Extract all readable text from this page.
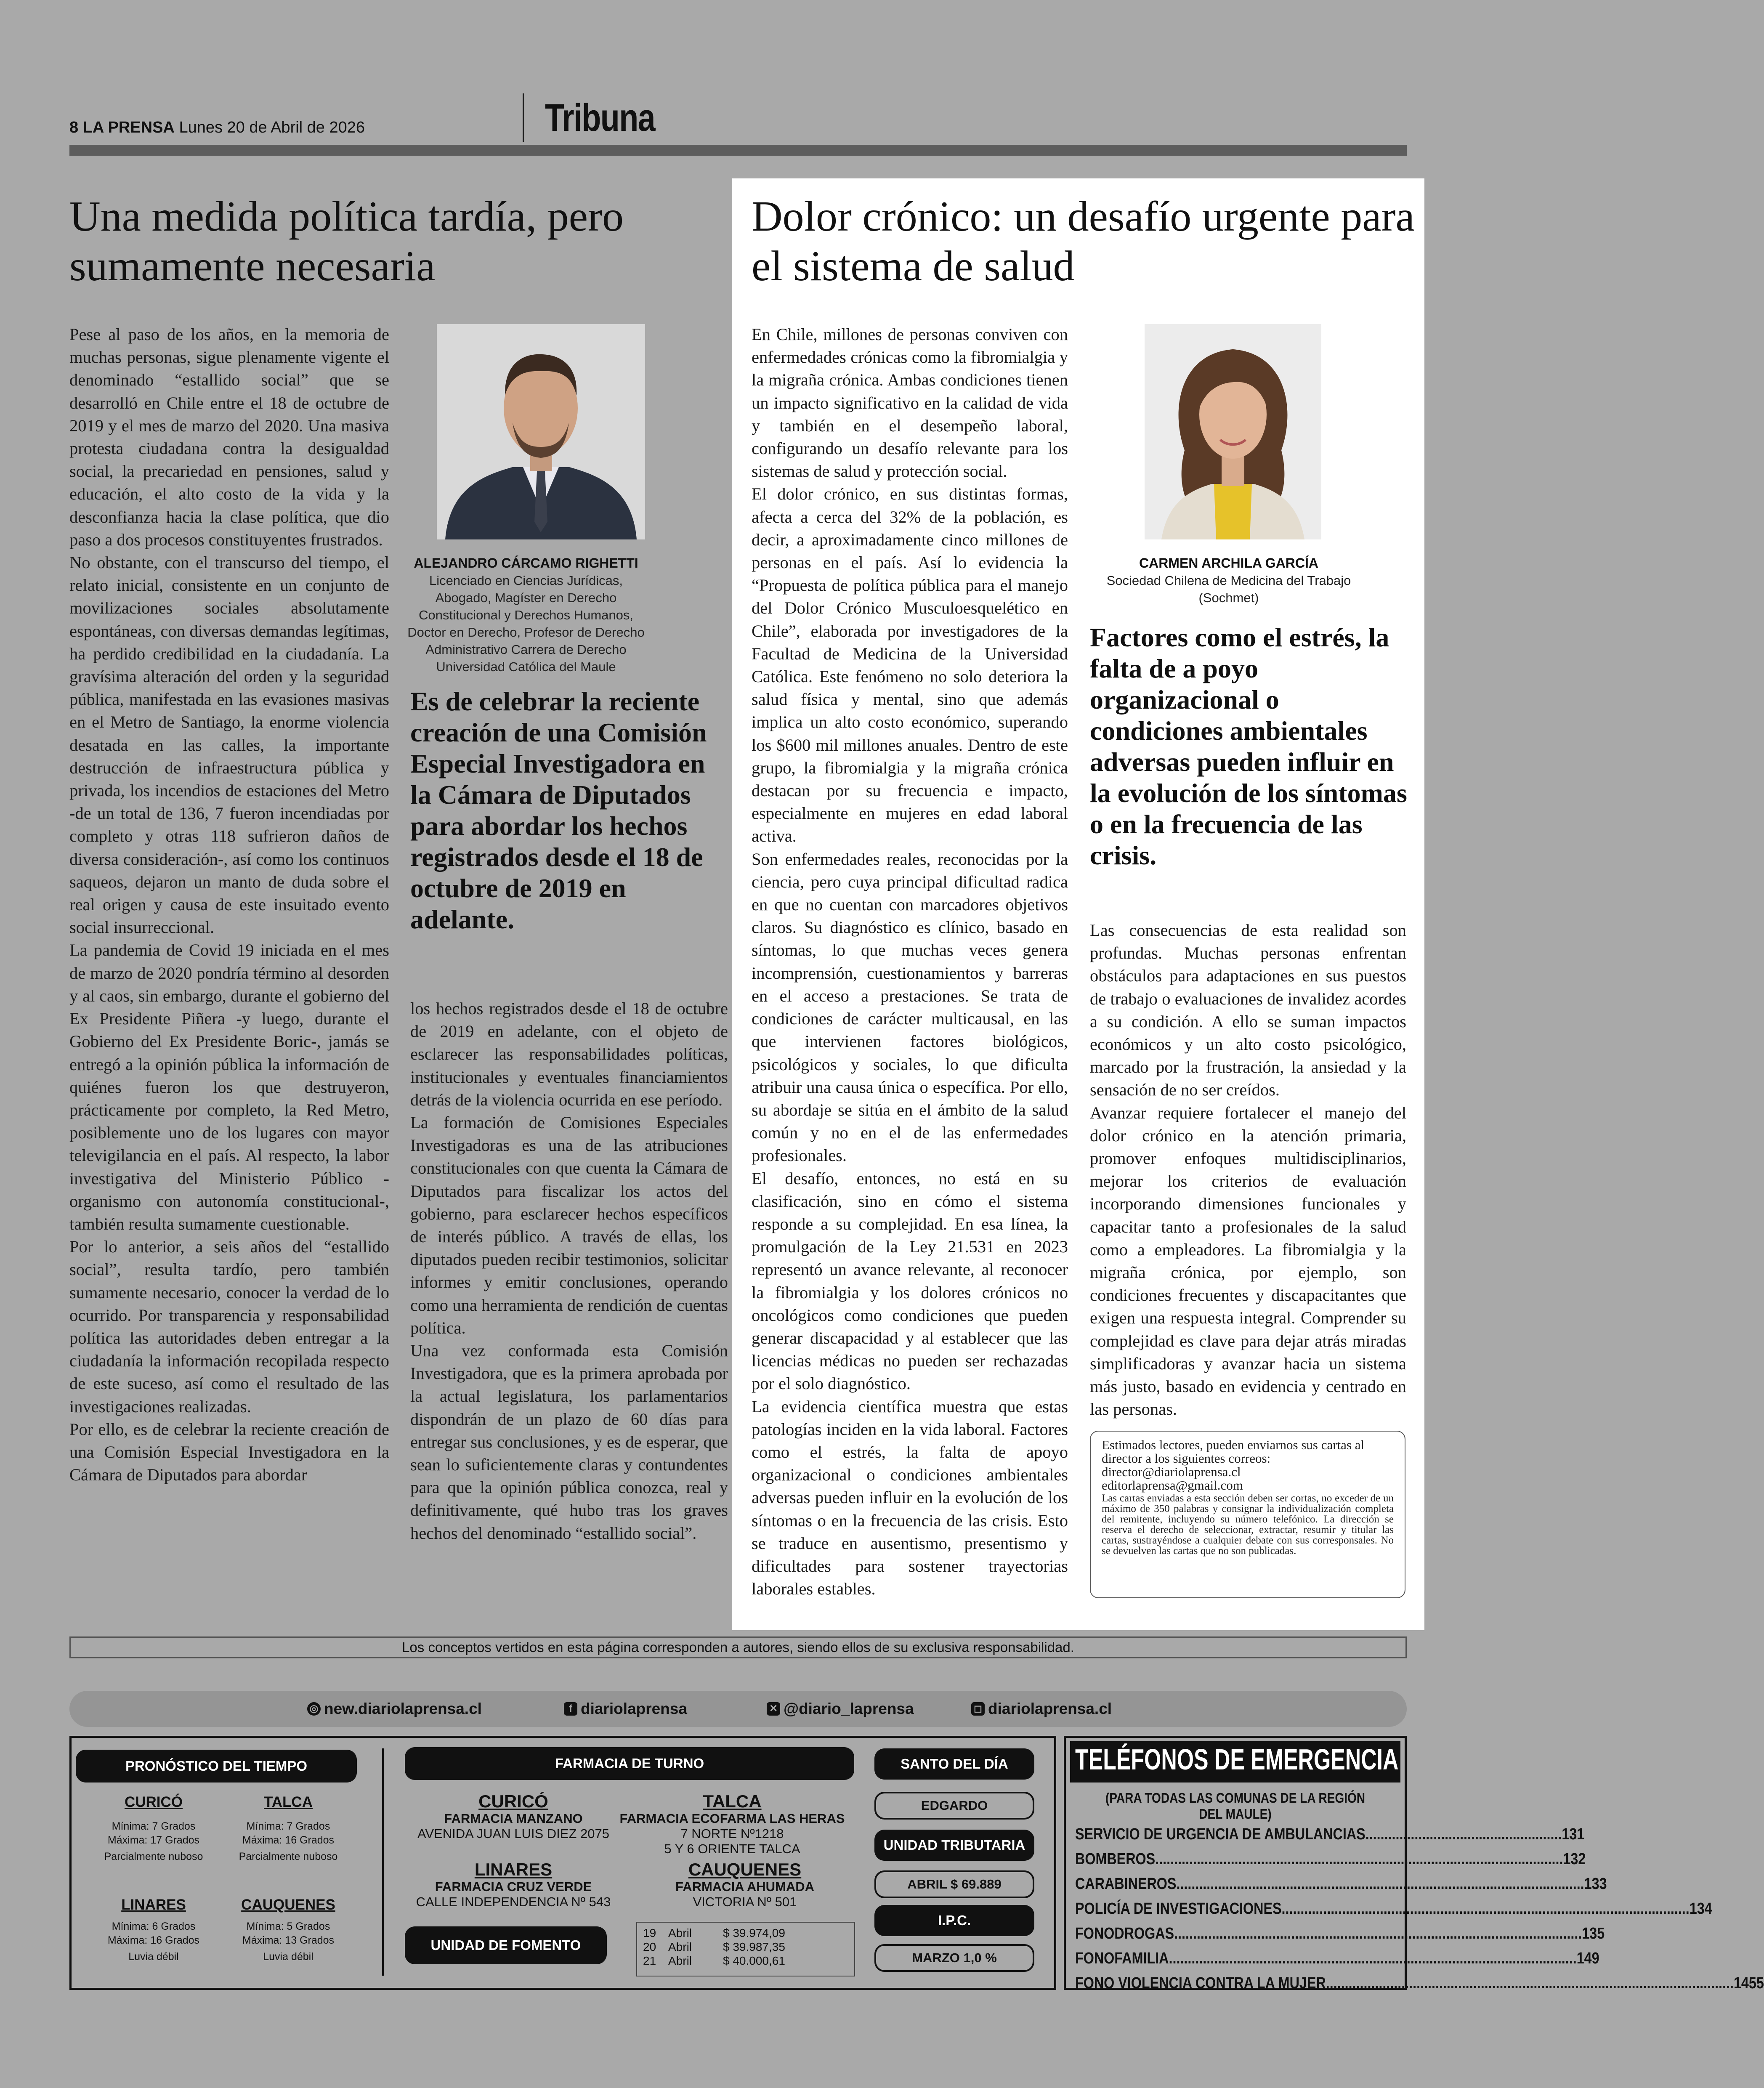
8 LA PRENSA Lunes 20 de Abril de 2026	Tribuna
Una medida política tardía, pero sumamente necesaria

Pese al paso de los años, en la memoria de muchas personas, sigue plenamente vigente el denominado “estallido social” que se desarrolló en Chile entre el 18 de octubre de 2019 y el mes de marzo del 2020. Una masiva protesta ciudadana contra la desigualdad social, la precariedad en pensiones, salud y educación, el alto costo de la vida y la desconfianza hacia la clase política, que dio paso a dos procesos constituyentes frustrados.

No obstante, con el transcurso del tiempo, el relato inicial, consistente en un conjunto de movilizaciones sociales absolutamente espontáneas, con diversas demandas legítimas, ha perdido credibilidad en la ciudadanía. La gravísima alteración del orden y la seguridad pública, manifestada en las evasiones masivas en el Metro de Santiago, la enorme violencia desatada en las calles, la importante destrucción de infraestructura pública y privada, los incendios de estaciones del Metro -de un total de 136, 7 fueron incendiadas por completo y otras 118 sufrieron daños de diversa consideración-, así como los continuos saqueos, dejaron un manto de duda sobre el real origen y causa de este insuitado evento social insurreccional.

La pandemia de Covid 19 iniciada en el mes de marzo de 2020 pondría término al desorden y al caos, sin embargo, durante el gobierno del Ex Presidente Piñera -y luego, durante el Gobierno del Ex Presidente Boric-, jamás se entregó a la opinión pública la información de quiénes fueron los que destruyeron, prácticamente por completo, la Red Metro, posiblemente uno de los lugares con mayor televigilancia en el país. Al respecto, la labor investigativa del Ministerio Público -organismo con autonomía constitucional-, también resulta sumamente cuestionable.

Por lo anterior, a seis años del “estallido social”, resulta tardío, pero también sumamente necesario, conocer la verdad de lo ocurrido. Por transparencia y responsabilidad política las autoridades deben entregar a la ciudadanía la información recopilada respecto de este suceso, así como el resultado de las investigaciones realizadas.

Por ello, es de celebrar la reciente creación de una Comisión Especial Investigadora en la Cámara de Diputados para abordar

ALEJANDRO CÁRCAMO RIGHETTI
Licenciado en Ciencias Jurídicas, Abogado, Magíster en Derecho Constitucional y Derechos Humanos, Doctor en Derecho, Profesor de Derecho Administrativo Carrera de Derecho Universidad Católica del Maule
Es de celebrar la reciente creación de una Comisión Especial Investigadora en la Cámara de Diputados para abordar los hechos registrados desde el 18 de octubre de 2019 en adelante.

los hechos registrados desde el 18 de octubre de 2019 en adelante, con el objeto de esclarecer las responsabilidades políticas, institucionales y eventuales financiamientos detrás de la violencia ocurrida en ese período.

La formación de Comisiones Especiales Investigadoras es una de las atribuciones constitucionales con que cuenta la Cámara de Diputados para fiscalizar los actos del gobierno, para esclarecer hechos específicos de interés público. A través de ellas, los diputados pueden recibir testimonios, solicitar informes y emitir conclusiones, operando como una herramienta de rendición de cuentas política.

Una vez conformada esta Comisión Investigadora, que es la primera aprobada por la actual legislatura, los parlamentarios dispondrán de un plazo de 60 días para entregar sus conclusiones, y es de esperar, que sean lo suficientemente claras y contundentes para que la opinión pública conozca, real y definitivamente, qué hubo tras los graves hechos del denominado “estallido social”.

Dolor crónico: un desafío urgente para el sistema de salud

En Chile, millones de personas conviven con enfermedades crónicas como la fibromialgia y la migraña crónica. Ambas condiciones tienen un impacto significativo en la calidad de vida y también en el desempeño laboral, configurando un desafío relevante para los sistemas de salud y protección social.

El dolor crónico, en sus distintas formas, afecta a cerca del 32% de la población, es decir, a aproximadamente cinco millones de personas en el país. Así lo evidencia la “Propuesta de política pública para el manejo del Dolor Crónico Musculoesquelético en Chile”, elaborada por investigadores de la Facultad de Medicina de la Universidad Católica. Este fenómeno no solo deteriora la salud física y mental, sino que además implica un alto costo económico, superando los $600 mil millones anuales. Dentro de este grupo, la fibromialgia y la migraña crónica destacan por su frecuencia e impacto, especialmente en mujeres en edad laboral activa.

Son enfermedades reales, reconocidas por la ciencia, pero cuya principal dificultad radica en que no cuentan con marcadores objetivos claros. Su diagnóstico es clínico, basado en síntomas, lo que muchas veces genera incomprensión, cuestionamientos y barreras en el acceso a prestaciones. Se trata de condiciones de carácter multicausal, en las que intervienen factores biológicos, psicológicos y sociales, lo que dificulta atribuir una causa única o específica. Por ello, su abordaje se sitúa en el ámbito de la salud común y no en el de las enfermedades profesionales.

El desafío, entonces, no está en su clasificación, sino en cómo el sistema responde a su complejidad. En esa línea, la promulgación de la Ley 21.531 en 2023 representó un avance relevante, al reconocer la fibromialgia y los dolores crónicos no oncológicos como condiciones que pueden generar discapacidad y al establecer que las licencias médicas no pueden ser rechazadas por el solo diagnóstico.

La evidencia científica muestra que estas patologías inciden en la vida laboral. Factores como el estrés, la falta de apoyo organizacional o condiciones ambientales adversas pueden influir en la evolución de los síntomas o en la frecuencia de las crisis. Esto se traduce en ausentismo, presentismo y dificultades para sostener trayectorias laborales estables.

CARMEN ARCHILA GARCÍA
Sociedad Chilena de Medicina del Trabajo (Sochmet)
Factores como el estrés, la falta de a poyo organizacional o condiciones ambientales adversas pueden influir en la evolución de los síntomas o en la frecuencia de las crisis.

Las consecuencias de esta realidad son profundas. Muchas personas enfrentan obstáculos para adaptaciones en sus puestos de trabajo o evaluaciones de invalidez acordes a su condición. A ello se suman impactos económicos y un alto costo psicológico, marcado por la frustración, la ansiedad y la sensación de no ser creídos.

Avanzar requiere fortalecer el manejo del dolor crónico en la atención primaria, promover enfoques multidisciplinarios, mejorar los criterios de evaluación incorporando dimensiones funcionales y capacitar tanto a profesionales de la salud como a empleadores. La fibromialgia y la migraña crónica, por ejemplo, son condiciones frecuentes y discapacitantes que exigen una respuesta integral. Comprender su complejidad es clave para dejar atrás miradas simplificadoras y avanzar hacia un sistema más justo, basado en evidencia y centrado en las personas.

Estimados lectores, pueden enviarnos sus cartas al director a los siguientes correos:
director@diariolaprensa.cl
editorlaprensa@gmail.com
Las cartas enviadas a esta sección deben ser cortas, no exceder de un máximo de 350 palabras y consignar la individualización completa del remitente, incluyendo su número telefónico. La dirección se reserva el derecho de seleccionar, extractar, resumir y titular las cartas, sustrayéndose a cualquier debate con sus corresponsales. No se devuelven las cartas que no son publicadas.
Los conceptos vertidos en esta página corresponden a autores, siendo ellos de su exclusiva responsabilidad.
◎ new.diariolaprensa.cl	f diariolaprensa	✕ @diario_laprensa	◻ diariolaprensa.cl
PRONÓSTICO DEL TIEMPO
CURICÓ
Mínima: 7 Grados
Máxima: 17 Grados
Parcialmente nuboso
TALCA
Mínima: 7 Grados
Máxima: 16 Grados
Parcialmente nuboso
LINARES
Mínima: 6 Grados
Máxima: 16 Grados
Luvia débil
CAUQUENES
Mínima: 5 Grados
Máxima: 13 Grados
Luvia débil
FARMACIA DE TURNO
CURICÓ
FARMACIA MANZANO
AVENIDA JUAN LUIS DIEZ 2075
TALCA
FARMACIA ECOFARMA LAS HERAS
7 NORTE Nº1218
5 Y 6 ORIENTE TALCA
LINARES
FARMACIA CRUZ VERDE
CALLE INDEPENDENCIA Nº 543
CAUQUENES
FARMACIA AHUMADA
VICTORIA Nº 501
UNIDAD DE FOMENTO
19	Abril	$ 39.974,09
20	Abril	$ 39.987,35
21	Abril	$ 40.000,61
SANTO DEL DÍA
EDGARDO
UNIDAD TRIBUTARIA
ABRIL $ 69.889
I.P.C.
MARZO 1,0 %
TELÉFONOS DE EMERGENCIA
(PARA TODAS LAS COMUNAS DE LA REGIÓN DEL MAULE)
SERVICIO DE URGENCIA DE AMBULANCIAS .................................................... 131
BOMBEROS ............................................................................................................ 132
CARABINEROS ............................................................................................................ 133
POLICÍA DE INVESTIGACIONES ............................................................................................................ 134
FONODROGAS ............................................................................................................ 135
FONOFAMILIA ............................................................................................................ 149
FONO VIOLENCIA CONTRA LA MUJER ............................................................................................................ 1455
